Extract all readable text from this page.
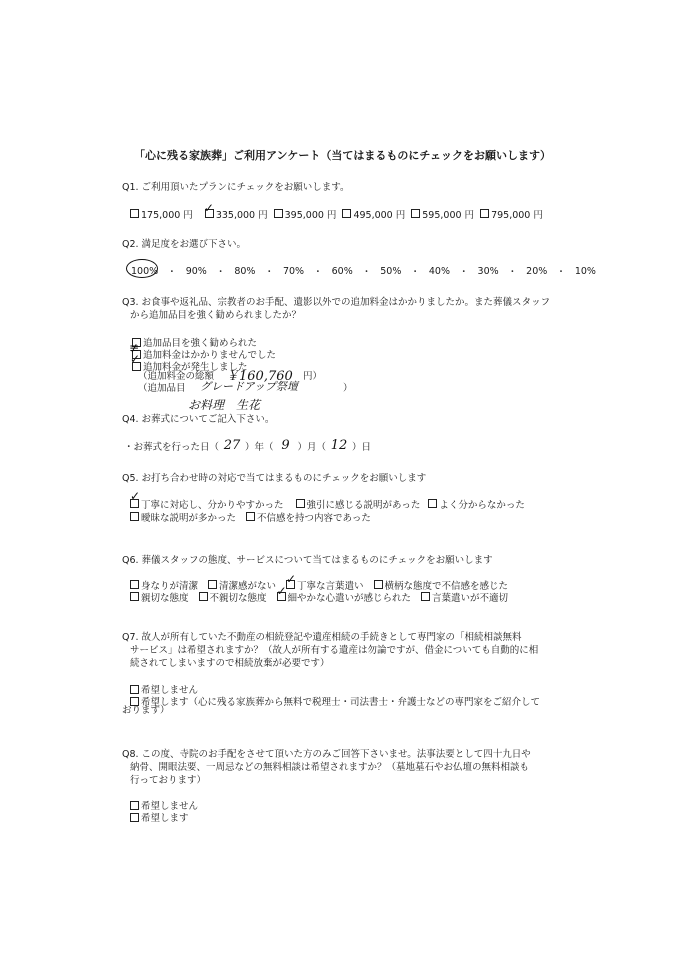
「心に残る家族葬」ご利用アンケート（当てはまるものにチェックをお願いします）
Q1. ご利用頂いたプランにチェックをお願いします。
175,000 円
✓
335,000 円	395,000 円	495,000 円	595,000 円	795,000 円
Q2. 満足度をお選び下さい。
100% ・ 90% ・ 80% ・ 70% ・ 60% ・ 50% ・ 40% ・ 30% ・ 20% ・ 10%
Q3. お食事や返礼品、宗教者のお手配、遺影以外での追加料金はかかりましたか。また葬儀スタッフ
から追加品目を強く勧められましたか？
追加品目を強く勧められた
追加料金はかかりませんでした
≢
追加料金が発生しました
✓
（追加料金の総額 ￥160,760 円）
（追加品目 グレードアップ祭壇	）
お料理　生花
Q4. お葬式についてご記入下さい。
・お葬式を行った日（ 27 ）年（ 9 ）月（ 12 ）日
Q5. お打ち合わせ時の対応で当てはまるものにチェックをお願いします
✓
丁寧に対応し、分かりやすかった	強引に感じる説明があった	よく分からなかった
曖昧な説明が多かった	不信感を持つ内容であった
Q6. 葬儀スタッフの態度、サービスについて当てはまるものにチェックをお願いします
身なりが清潔	清潔感がない
✓
丁寧な言葉遣い	横柄な態度で不信感を感じた
親切な態度	不親切な態度
✓
細やかな心遣いが感じられた	言葉遣いが不適切
Q7. 故人が所有していた不動産の相続登記や遺産相続の手続きとして専門家の「相続相談無料
サービス」は希望されますか？（故人が所有する遺産は勿論ですが、借金についても自動的に相
続されてしまいますので相続放棄が必要です）
希望しません
希望します（心に残る家族葬から無料で税理士・司法書士・弁護士などの専門家をご紹介して
おります）
Q8. この度、寺院のお手配をさせて頂いた方のみご回答下さいませ。法事法要として四十九日や
納骨、開眼法要、一周忌などの無料相談は希望されますか？（墓地墓石やお仏壇の無料相談も
行っております）
希望しません
希望します
